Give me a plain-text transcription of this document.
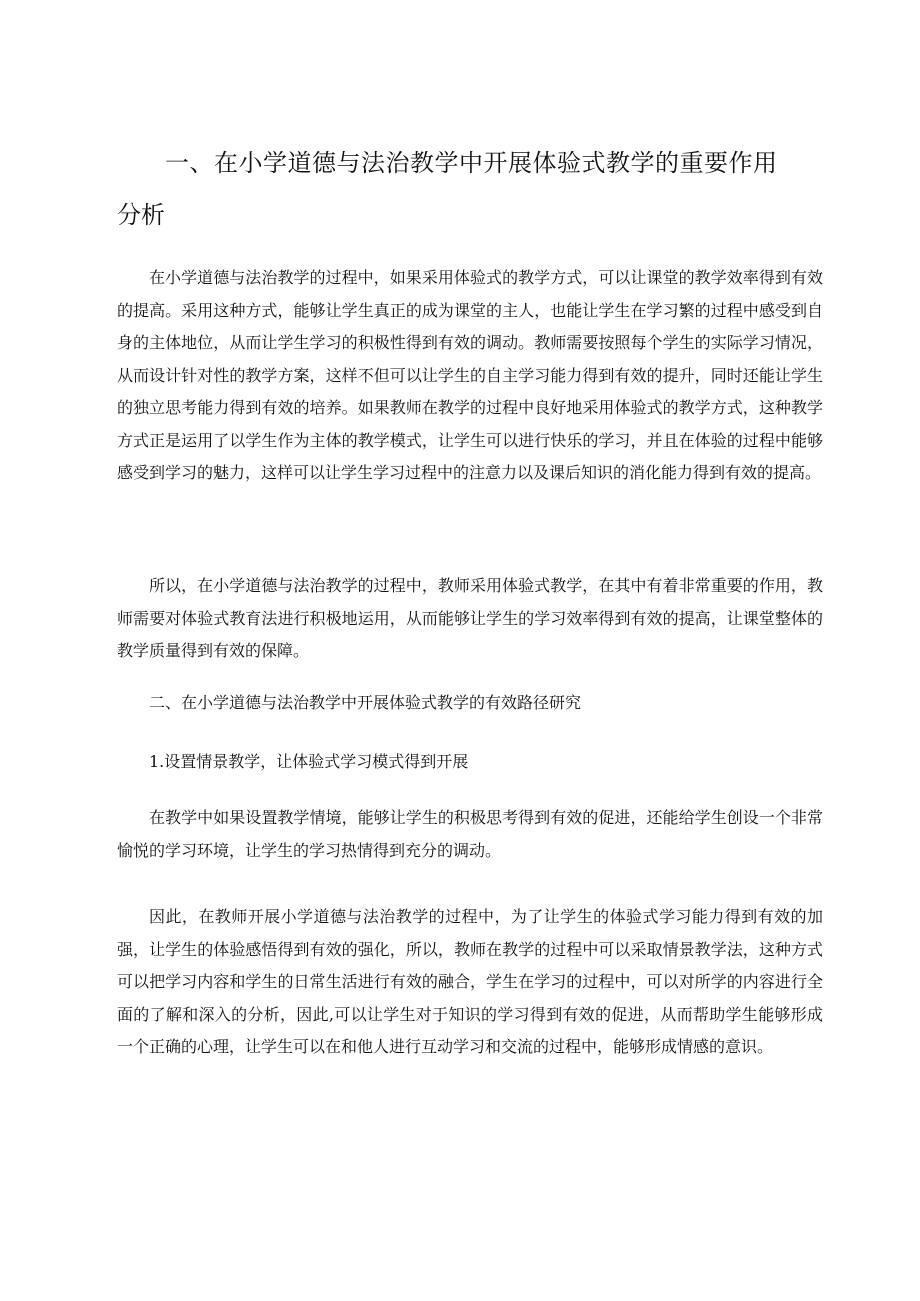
一、在小学道德与法治教学中开展体验式教学的重要作用
分析

在小学道德与法治教学的过程中，如果采用体验式的教学方式，可以让课堂的教学效率得到有效的提高。采用这种方式，能够让学生真正的成为课堂的主人，也能让学生在学习繁的过程中感受到自身的主体地位，从而让学生学习的积极性得到有效的调动。教师需要按照每个学生的实际学习情况，从而设计针对性的教学方案，这样不但可以让学生的自主学习能力得到有效的提升，同时还能让学生的独立思考能力得到有效的培养。如果教师在教学的过程中良好地采用体验式的教学方式，这种教学方式正是运用了以学生作为主体的教学模式，让学生可以进行快乐的学习，并且在体验的过程中能够感受到学习的魅力，这样可以让学生学习过程中的注意力以及课后知识的消化能力得到有效的提高。

所以，在小学道德与法治教学的过程中，教师采用体验式教学，在其中有着非常重要的作用，教师需要对体验式教育法进行积极地运用，从而能够让学生的学习效率得到有效的提高，让课堂整体的教学质量得到有效的保障。

二、在小学道德与法治教学中开展体验式教学的有效路径研究

1.设置情景教学，让体验式学习模式得到开展

在教学中如果设置教学情境，能够让学生的积极思考得到有效的促进，还能给学生创设一个非常愉悦的学习环境，让学生的学习热情得到充分的调动。

因此，在教师开展小学道德与法治教学的过程中，为了让学生的体验式学习能力得到有效的加强，让学生的体验感悟得到有效的强化，所以，教师在教学的过程中可以采取情景教学法，这种方式可以把学习内容和学生的日常生活进行有效的融合，学生在学习的过程中，可以对所学的内容进行全面的了解和深入的分析，因此,可以让学生对于知识的学习得到有效的促进，从而帮助学生能够形成一个正确的心理，让学生可以在和他人进行互动学习和交流的过程中，能够形成情感的意识。
